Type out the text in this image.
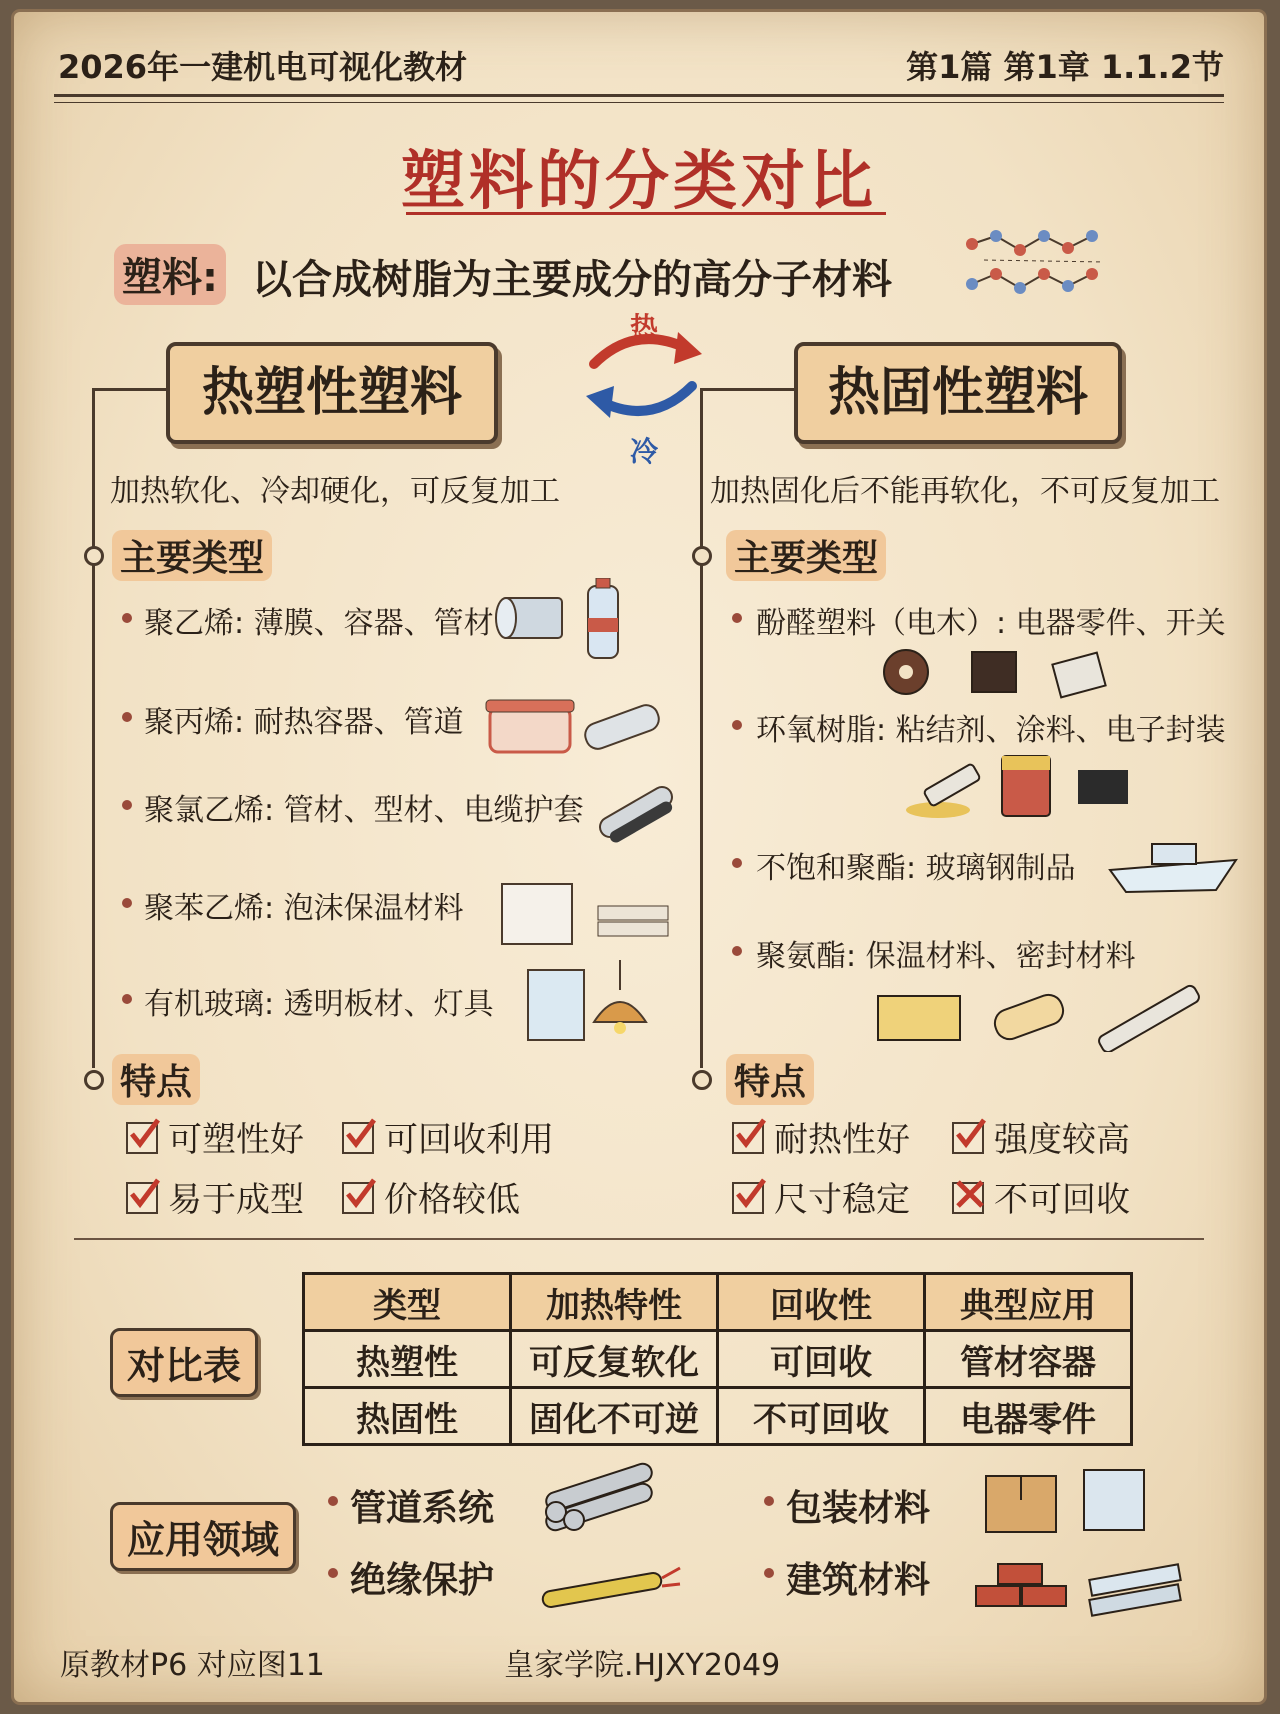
2026年一建机电可视化教材	第1篇 第1章 1.1.2节
塑料的分类对比
塑料: 以合成树脂为主要成分的高分子材料
热塑性塑料	热固性塑料
热
冷
加热软化、冷却硬化，可反复加工
主要类型
聚乙烯: 薄膜、容器、管材
聚丙烯: 耐热容器、管道
聚氯乙烯: 管材、型材、电缆护套
聚苯乙烯: 泡沫保温材料
有机玻璃: 透明板材、灯具
特点
可塑性好 可回收利用
易于成型 价格较低
加热固化后不能再软化，不可反复加工
主要类型
酚醛塑料（电木）: 电器零件、开关
环氧树脂: 粘结剂、涂料、电子封装
不饱和聚酯: 玻璃钢制品
聚氨酯: 保温材料、密封材料
特点
耐热性好 强度较高
尺寸稳定 不可回收
对比表
类型	加热特性	回收性	典型应用
热塑性	可反复软化	可回收	管材容器
热固性	固化不可逆	不可回收	电器零件
应用领域
管道系统
绝缘保护
包装材料
建筑材料
原教材P6 对应图11	皇家学院.HJXY2049
